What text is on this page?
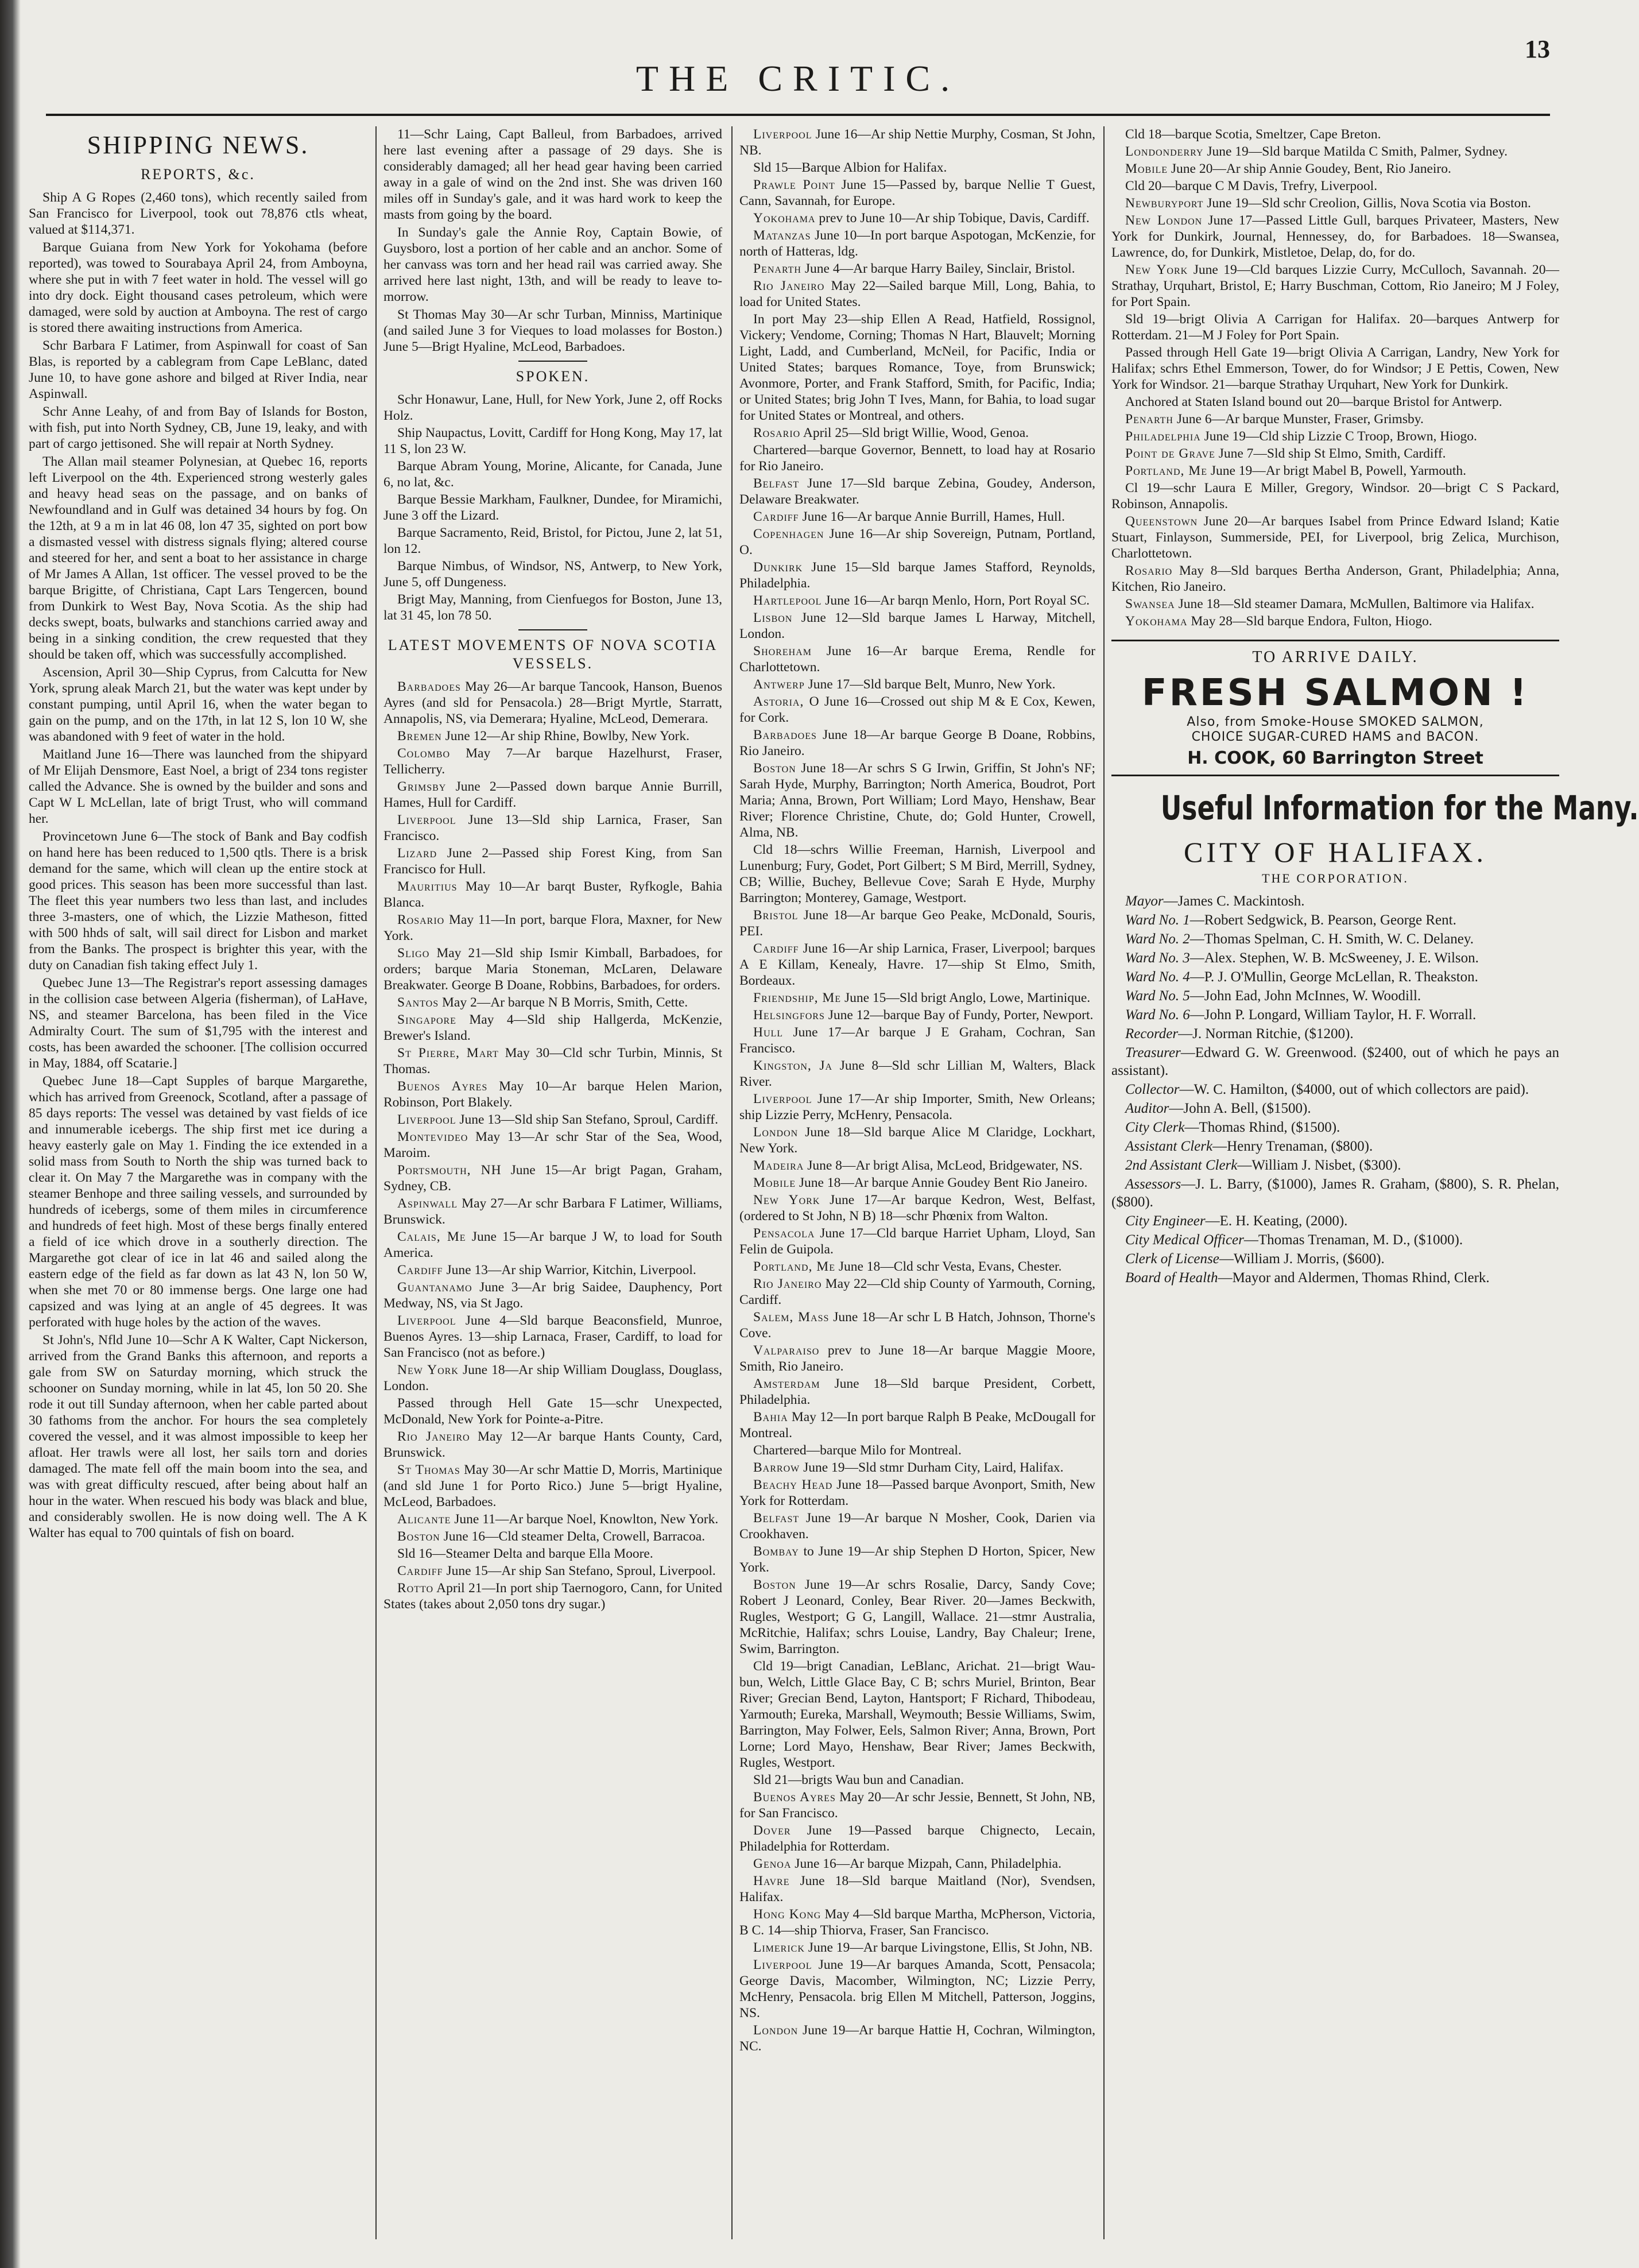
THE CRITIC.
13
SHIPPING NEWS.
REPORTS, &c.

Ship A G Ropes (2,460 tons), which recently sailed from San Francisco for Liverpool, took out 78,876 ctls wheat, valued at $114,371.

Barque Guiana from New York for Yokohama (before reported), was towed to Sourabaya April 24, from Amboyna, where she put in with 7 feet water in hold. The vessel will go into dry dock. Eight thousand cases petroleum, which were damaged, were sold by auction at Amboyna. The rest of cargo is stored there awaiting instructions from America.

Schr Barbara F Latimer, from Aspinwall for coast of San Blas, is reported by a cablegram from Cape LeBlanc, dated June 10, to have gone ashore and bilged at River India, near Aspinwall.

Schr Anne Leahy, of and from Bay of Islands for Boston, with fish, put into North Sydney, CB, June 19, leaky, and with part of cargo jettisoned. She will repair at North Sydney.

The Allan mail steamer Polynesian, at Quebec 16, reports left Liverpool on the 4th. Experienced strong westerly gales and heavy head seas on the passage, and on banks of Newfoundland and in Gulf was detained 34 hours by fog. On the 12th, at 9 a m in lat 46 08, lon 47 35, sighted on port bow a dismasted vessel with distress signals flying; altered course and steered for her, and sent a boat to her assistance in charge of Mr James A Allan, 1st officer. The vessel proved to be the barque Brigitte, of Christiana, Capt Lars Tengercen, bound from Dunkirk to West Bay, Nova Scotia. As the ship had decks swept, boats, bulwarks and stanchions carried away and being in a sinking condition, the crew requested that they should be taken off, which was successfully accomplished.

Ascension, April 30—Ship Cyprus, from Calcutta for New York, sprung aleak March 21, but the water was kept under by constant pumping, until April 16, when the water began to gain on the pump, and on the 17th, in lat 12 S, lon 10 W, she was abandoned with 9 feet of water in the hold.

Maitland June 16—There was launched from the shipyard of Mr Elijah Densmore, East Noel, a brigt of 234 tons register called the Advance. She is owned by the builder and sons and Capt W L McLellan, late of brigt Trust, who will command her.

Provincetown June 6—The stock of Bank and Bay codfish on hand here has been reduced to 1,500 qtls. There is a brisk demand for the same, which will clean up the entire stock at good prices. This season has been more successful than last. The fleet this year numbers two less than last, and includes three 3-masters, one of which, the Lizzie Matheson, fitted with 500 hhds of salt, will sail direct for Lisbon and market from the Banks. The prospect is brighter this year, with the duty on Canadian fish taking effect July 1.

Quebec June 13—The Registrar's report assessing damages in the collision case between Algeria (fisherman), of LaHave, NS, and steamer Barcelona, has been filed in the Vice Admiralty Court. The sum of $1,795 with the interest and costs, has been awarded the schooner. [The collision occurred in May, 1884, off Scatarie.]

Quebec June 18—Capt Supples of barque Margarethe, which has arrived from Greenock, Scotland, after a passage of 85 days reports: The vessel was detained by vast fields of ice and innumerable icebergs. The ship first met ice during a heavy easterly gale on May 1. Finding the ice extended in a solid mass from South to North the ship was turned back to clear it. On May 7 the Margarethe was in company with the steamer Benhope and three sailing vessels, and surrounded by hundreds of icebergs, some of them miles in circumference and hundreds of feet high. Most of these bergs finally entered a field of ice which drove in a southerly direction. The Margarethe got clear of ice in lat 46 and sailed along the eastern edge of the field as far down as lat 43 N, lon 50 W, when she met 70 or 80 immense bergs. One large one had capsized and was lying at an angle of 45 degrees. It was perforated with huge holes by the action of the waves.

St John's, Nfld June 10—Schr A K Walter, Capt Nickerson, arrived from the Grand Banks this afternoon, and reports a gale from SW on Saturday morning, which struck the schooner on Sunday morning, while in lat 45, lon 50 20. She rode it out till Sunday afternoon, when her cable parted about 30 fathoms from the anchor. For hours the sea completely covered the vessel, and it was almost impossible to keep her afloat. Her trawls were all lost, her sails torn and dories damaged. The mate fell off the main boom into the sea, and was with great difficulty rescued, after being about half an hour in the water. When rescued his body was black and blue, and considerably swollen. He is now doing well. The A K Walter has equal to 700 quintals of fish on board.

11—Schr Laing, Capt Balleul, from Barbadoes, arrived here last evening after a passage of 29 days. She is considerably damaged; all her head gear having been carried away in a gale of wind on the 2nd inst. She was driven 160 miles off in Sunday's gale, and it was hard work to keep the masts from going by the board.

In Sunday's gale the Annie Roy, Captain Bowie, of Guysboro, lost a portion of her cable and an anchor. Some of her canvass was torn and her head rail was carried away. She arrived here last night, 13th, and will be ready to leave to-morrow.

St Thomas May 30—Ar schr Turban, Minniss, Martinique (and sailed June 3 for Vieques to load molasses for Boston.) June 5—Brigt Hyaline, McLeod, Barbadoes.

SPOKEN.

Schr Honawur, Lane, Hull, for New York, June 2, off Rocks Holz.

Ship Naupactus, Lovitt, Cardiff for Hong Kong, May 17, lat 11 S, lon 23 W.

Barque Abram Young, Morine, Alicante, for Canada, June 6, no lat, &c.

Barque Bessie Markham, Faulkner, Dundee, for Miramichi, June 3 off the Lizard.

Barque Sacramento, Reid, Bristol, for Pictou, June 2, lat 51, lon 12.

Barque Nimbus, of Windsor, NS, Antwerp, to New York, June 5, off Dungeness.

Brigt May, Manning, from Cienfuegos for Boston, June 13, lat 31 45, lon 78 50.

LATEST MOVEMENTS OF NOVA SCOTIA VESSELS.

Barbadoes May 26—Ar barque Tancook, Hanson, Buenos Ayres (and sld for Pensacola.) 28—Brigt Myrtle, Starratt, Annapolis, NS, via Demerara; Hyaline, McLeod, Demerara.

Bremen June 12—Ar ship Rhine, Bowlby, New York.

Colombo May 7—Ar barque Hazelhurst, Fraser, Tellicherry.

Grimsby June 2—Passed down barque Annie Burrill, Hames, Hull for Cardiff.

Liverpool June 13—Sld ship Larnica, Fraser, San Francisco.

Lizard June 2—Passed ship Forest King, from San Francisco for Hull.

Mauritius May 10—Ar barqt Buster, Ryfkogle, Bahia Blanca.

Rosario May 11—In port, barque Flora, Maxner, for New York.

Sligo May 21—Sld ship Ismir Kimball, Barbadoes, for orders; barque Maria Stoneman, McLaren, Delaware Breakwater. George B Doane, Robbins, Barbadoes, for orders.

Santos May 2—Ar barque N B Morris, Smith, Cette.

Singapore May 4—Sld ship Hallgerda, McKenzie, Brewer's Island.

St Pierre, Mart May 30—Cld schr Turbin, Minnis, St Thomas.

Buenos Ayres May 10—Ar barque Helen Marion, Robinson, Port Blakely.

Liverpool June 13—Sld ship San Stefano, Sproul, Cardiff.

Montevideo May 13—Ar schr Star of the Sea, Wood, Maroim.

Portsmouth, NH June 15—Ar brigt Pagan, Graham, Sydney, CB.

Aspinwall May 27—Ar schr Barbara F Latimer, Williams, Brunswick.

Calais, Me June 15—Ar barque J W, to load for South America.

Cardiff June 13—Ar ship Warrior, Kitchin, Liverpool.

Guantanamo June 3—Ar brig Saidee, Dauphency, Port Medway, NS, via St Jago.

Liverpool June 4—Sld barque Beaconsfield, Munroe, Buenos Ayres. 13—ship Larnaca, Fraser, Cardiff, to load for San Francisco (not as before.)

New York June 18—Ar ship William Douglass, Douglass, London.

Passed through Hell Gate 15—schr Unexpected, McDonald, New York for Pointe-a-Pitre.

Rio Janeiro May 12—Ar barque Hants County, Card, Brunswick.

St Thomas May 30—Ar schr Mattie D, Morris, Martinique (and sld June 1 for Porto Rico.) June 5—brigt Hyaline, McLeod, Barbadoes.

Alicante June 11—Ar barque Noel, Knowlton, New York.

Boston June 16—Cld steamer Delta, Crowell, Barracoa.

Sld 16—Steamer Delta and barque Ella Moore.

Cardiff June 15—Ar ship San Stefano, Sproul, Liverpool.

Rotto April 21—In port ship Taernogoro, Cann, for United States (takes about 2,050 tons dry sugar.)

Liverpool June 16—Ar ship Nettie Murphy, Cosman, St John, NB.

Sld 15—Barque Albion for Halifax.

Prawle Point June 15—Passed by, barque Nellie T Guest, Cann, Savannah, for Europe.

Yokohama prev to June 10—Ar ship Tobique, Davis, Cardiff.

Matanzas June 10—In port barque Aspotogan, McKenzie, for north of Hatteras, ldg.

Penarth June 4—Ar barque Harry Bailey, Sinclair, Bristol.

Rio Janeiro May 22—Sailed barque Mill, Long, Bahia, to load for United States.

In port May 23—ship Ellen A Read, Hatfield, Rossignol, Vickery; Vendome, Corning; Thomas N Hart, Blauvelt; Morning Light, Ladd, and Cumberland, McNeil, for Pacific, India or United States; barques Romance, Toye, from Brunswick; Avonmore, Porter, and Frank Stafford, Smith, for Pacific, India; or United States; brig John T Ives, Mann, for Bahia, to load sugar for United States or Montreal, and others.

Rosario April 25—Sld brigt Willie, Wood, Genoa.

Chartered—barque Governor, Bennett, to load hay at Rosario for Rio Janeiro.

Belfast June 17—Sld barque Zebina, Goudey, Anderson, Delaware Breakwater.

Cardiff June 16—Ar barque Annie Burrill, Hames, Hull.

Copenhagen June 16—Ar ship Sovereign, Putnam, Portland, O.

Dunkirk June 15—Sld barque James Stafford, Reynolds, Philadelphia.

Hartlepool June 16—Ar barqn Menlo, Horn, Port Royal SC.

Lisbon June 12—Sld barque James L Harway, Mitchell, London.

Shoreham June 16—Ar barque Erema, Rendle for Charlottetown.

Antwerp June 17—Sld barque Belt, Munro, New York.

Astoria, O June 16—Crossed out ship M & E Cox, Kewen, for Cork.

Barbadoes June 18—Ar barque George B Doane, Robbins, Rio Janeiro.

Boston June 18—Ar schrs S G Irwin, Griffin, St John's NF; Sarah Hyde, Murphy, Barrington; North America, Boudrot, Port Maria; Anna, Brown, Port William; Lord Mayo, Henshaw, Bear River; Florence Christine, Chute, do; Gold Hunter, Crowell, Alma, NB.

Cld 18—schrs Willie Freeman, Harnish, Liverpool and Lunenburg; Fury, Godet, Port Gilbert; S M Bird, Merrill, Sydney, CB; Willie, Buchey, Bellevue Cove; Sarah E Hyde, Murphy Barrington; Monterey, Gamage, Westport.

Bristol June 18—Ar barque Geo Peake, McDonald, Souris, PEI.

Cardiff June 16—Ar ship Larnica, Fraser, Liverpool; barques A E Killam, Kenealy, Havre. 17—ship St Elmo, Smith, Bordeaux.

Friendship, Me June 15—Sld brigt Anglo, Lowe, Martinique.

Helsingfors June 12—barque Bay of Fundy, Porter, Newport.

Hull June 17—Ar barque J E Graham, Cochran, San Francisco.

Kingston, Ja June 8—Sld schr Lillian M, Walters, Black River.

Liverpool June 17—Ar ship Importer, Smith, New Orleans; ship Lizzie Perry, McHenry, Pensacola.

London June 18—Sld barque Alice M Claridge, Lockhart, New York.

Madeira June 8—Ar brigt Alisa, McLeod, Bridgewater, NS.

Mobile June 18—Ar barque Annie Goudey Bent Rio Janeiro.

New York June 17—Ar barque Kedron, West, Belfast, (ordered to St John, N B) 18—schr Phœnix from Walton.

Pensacola June 17—Cld barque Harriet Upham, Lloyd, San Felin de Guipola.

Portland, Me June 18—Cld schr Vesta, Evans, Chester.

Rio Janeiro May 22—Cld ship County of Yarmouth, Corning, Cardiff.

Salem, Mass June 18—Ar schr L B Hatch, Johnson, Thorne's Cove.

Valparaiso prev to June 18—Ar barque Maggie Moore, Smith, Rio Janeiro.

Amsterdam June 18—Sld barque President, Corbett, Philadelphia.

Bahia May 12—In port barque Ralph B Peake, McDougall for Montreal.

Chartered—barque Milo for Montreal.

Barrow June 19—Sld stmr Durham City, Laird, Halifax.

Beachy Head June 18—Passed barque Avonport, Smith, New York for Rotterdam.

Belfast June 19—Ar barque N Mosher, Cook, Darien via Crookhaven.

Bombay to June 19—Ar ship Stephen D Horton, Spicer, New York.

Boston June 19—Ar schrs Rosalie, Darcy, Sandy Cove; Robert J Leonard, Conley, Bear River. 20—James Beckwith, Rugles, Westport; G G, Langill, Wallace. 21—stmr Australia, McRitchie, Halifax; schrs Louise, Landry, Bay Chaleur; Irene, Swim, Barrington.

Cld 19—brigt Canadian, LeBlanc, Arichat. 21—brigt Wau-bun, Welch, Little Glace Bay, C B; schrs Muriel, Brinton, Bear River; Grecian Bend, Layton, Hantsport; F Richard, Thibodeau, Yarmouth; Eureka, Marshall, Weymouth; Bessie Williams, Swim, Barrington, May Folwer, Eels, Salmon River; Anna, Brown, Port Lorne; Lord Mayo, Henshaw, Bear River; James Beckwith, Rugles, Westport.

Sld 21—brigts Wau bun and Canadian.

Buenos Ayres May 20—Ar schr Jessie, Bennett, St John, NB, for San Francisco.

Dover June 19—Passed barque Chignecto, Lecain, Philadelphia for Rotterdam.

Genoa June 16—Ar barque Mizpah, Cann, Philadelphia.

Havre June 18—Sld barque Maitland (Nor), Svendsen, Halifax.

Hong Kong May 4—Sld barque Martha, McPherson, Victoria, B C. 14—ship Thiorva, Fraser, San Francisco.

Limerick June 19—Ar barque Livingstone, Ellis, St John, NB.

Liverpool June 19—Ar barques Amanda, Scott, Pensacola; George Davis, Macomber, Wilmington, NC; Lizzie Perry, McHenry, Pensacola. brig Ellen M Mitchell, Patterson, Joggins, NS.

London June 19—Ar barque Hattie H, Cochran, Wilmington, NC.

Cld 18—barque Scotia, Smeltzer, Cape Breton.

Londonderry June 19—Sld barque Matilda C Smith, Palmer, Sydney.

Mobile June 20—Ar ship Annie Goudey, Bent, Rio Janeiro.

Cld 20—barque C M Davis, Trefry, Liverpool.

Newburyport June 19—Sld schr Creolion, Gillis, Nova Scotia via Boston.

New London June 17—Passed Little Gull, barques Privateer, Masters, New York for Dunkirk, Journal, Hennessey, do, for Barbadoes. 18—Swansea, Lawrence, do, for Dunkirk, Mistletoe, Delap, do, for do.

New York June 19—Cld barques Lizzie Curry, McCulloch, Savannah. 20—Strathay, Urquhart, Bristol, E; Harry Buschman, Cottom, Rio Janeiro; M J Foley, for Port Spain.

Sld 19—brigt Olivia A Carrigan for Halifax. 20—barques Antwerp for Rotterdam. 21—M J Foley for Port Spain.

Passed through Hell Gate 19—brigt Olivia A Carrigan, Landry, New York for Halifax; schrs Ethel Emmerson, Tower, do for Windsor; J E Pettis, Cowen, New York for Windsor. 21—barque Strathay Urquhart, New York for Dunkirk.

Anchored at Staten Island bound out 20—barque Bristol for Antwerp.

Penarth June 6—Ar barque Munster, Fraser, Grimsby.

Philadelphia June 19—Cld ship Lizzie C Troop, Brown, Hiogo.

Point de Grave June 7—Sld ship St Elmo, Smith, Cardiff.

Portland, Me June 19—Ar brigt Mabel B, Powell, Yarmouth.

Cl 19—schr Laura E Miller, Gregory, Windsor. 20—brigt C S Packard, Robinson, Annapolis.

Queenstown June 20—Ar barques Isabel from Prince Edward Island; Katie Stuart, Finlayson, Summerside, PEI, for Liverpool, brig Zelica, Murchison, Charlottetown.

Rosario May 8—Sld barques Bertha Anderson, Grant, Philadelphia; Anna, Kitchen, Rio Janeiro.

Swansea June 18—Sld steamer Damara, McMullen, Baltimore via Halifax.

Yokohama May 28—Sld barque Endora, Fulton, Hiogo.

TO ARRIVE DAILY.
FRESH SALMON !
Also, from Smoke-House SMOKED SALMON,
CHOICE SUGAR-CURED HAMS and BACON.
H. COOK, 60 Barrington Street
Useful Information for the Many.
CITY OF HALIFAX.
THE CORPORATION.

Mayor—James C. Mackintosh.

Ward No. 1—Robert Sedgwick, B. Pearson, George Rent.

Ward No. 2—Thomas Spelman, C. H. Smith, W. C. Delaney.

Ward No. 3—Alex. Stephen, W. B. McSweeney, J. E. Wilson.

Ward No. 4—P. J. O'Mullin, George McLellan, R. Theakston.

Ward No. 5—John Ead, John McInnes, W. Woodill.

Ward No. 6—John P. Longard, William Taylor, H. F. Worrall.

Recorder—J. Norman Ritchie, ($1200).

Treasurer—Edward G. W. Greenwood. ($2400, out of which he pays an assistant).

Collector—W. C. Hamilton, ($4000, out of which collectors are paid).

Auditor—John A. Bell, ($1500).

City Clerk—Thomas Rhind, ($1500).

Assistant Clerk—Henry Trenaman, ($800).

2nd Assistant Clerk—William J. Nisbet, ($300).

Assessors—J. L. Barry, ($1000), James R. Graham, ($800), S. R. Phelan, ($800).

City Engineer—E. H. Keating, (2000).

City Medical Officer—Thomas Trenaman, M. D., ($1000).

Clerk of License—William J. Morris, ($600).

Board of Health—Mayor and Aldermen, Thomas Rhind, Clerk.
